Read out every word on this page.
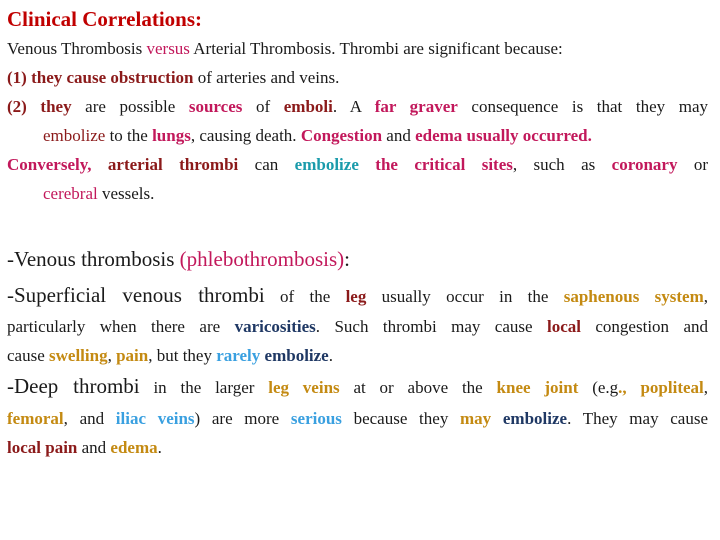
Clinical Correlations:
Venous Thrombosis versus Arterial Thrombosis. Thrombi are significant because:
(1) they cause obstruction of arteries and veins.
(2) they are possible sources of emboli. A far graver consequence is that they may
embolize to the lungs, causing death. Congestion and edema usually occurred.
Conversely, arterial thrombi can embolize the critical sites, such as coronary or
cerebral vessels.
-Venous thrombosis (phlebothrombosis):
-Superficial venous thrombi of the leg usually occur in the saphenous system,
particularly when there are varicosities. Such thrombi may cause local congestion and
cause swelling, pain, but they rarely embolize.
-Deep thrombi in the larger leg veins at or above the knee joint (e.g., popliteal,
femoral, and iliac veins) are more serious because they may embolize. They may cause
local pain and edema.
